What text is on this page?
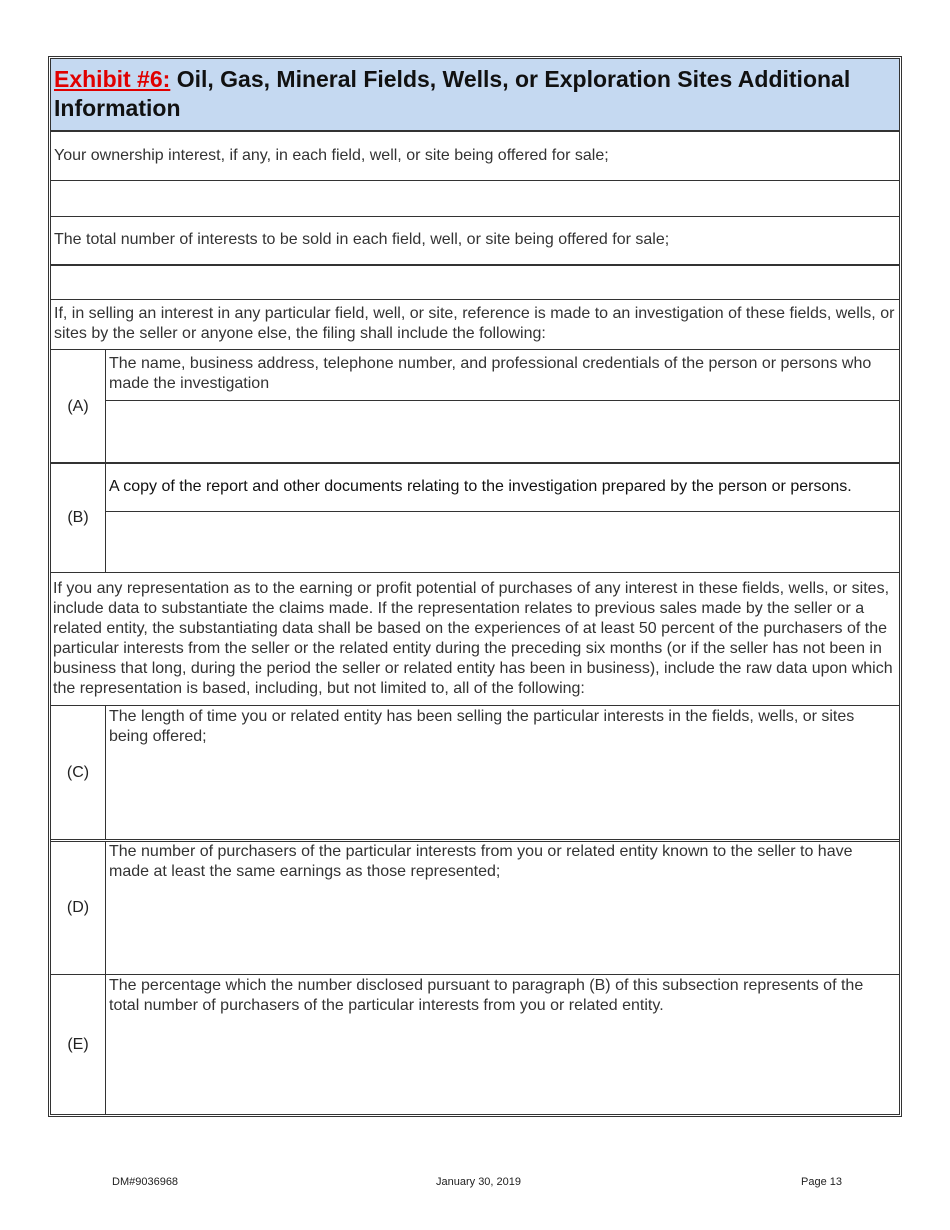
Exhibit #6: Oil, Gas, Mineral Fields, Wells, or Exploration Sites Additional Information
Your ownership interest, if any, in each field, well, or site being offered for sale;
The total number of interests to be sold in each field, well, or site being offered for sale;
If, in selling an interest in any particular field, well, or site, reference is made to an investigation of these fields, wells, or sites by the seller or anyone else, the filing shall include the following:
(A)
The name, business address, telephone number, and professional credentials of the person or persons who made the investigation
(B)
A copy of the report and other documents relating to the investigation prepared by the person or persons.
If you any representation as to the earning or profit potential of purchases of any interest in these fields, wells, or sites, include data to substantiate the claims made. If the representation relates to previous sales made by the seller or a related entity, the substantiating data shall be based on the experiences of at least 50 percent of the purchasers of the particular interests from the seller or the related entity during the preceding six months (or if the seller has not been in business that long, during the period the seller or related entity has been in business), include the raw data upon which the representation is based, including, but not limited to, all of the following:
(C)
The length of time you or related entity has been selling the particular interests in the fields, wells, or sites being offered;
(D)
The number of purchasers of the particular interests from you or related entity known to the seller to have made at least the same earnings as those represented;
(E)
The percentage which the number disclosed pursuant to paragraph (B) of this subsection represents of the total number of purchasers of the particular interests from you or related entity.
DM#9036968	January 30, 2019	Page 13
